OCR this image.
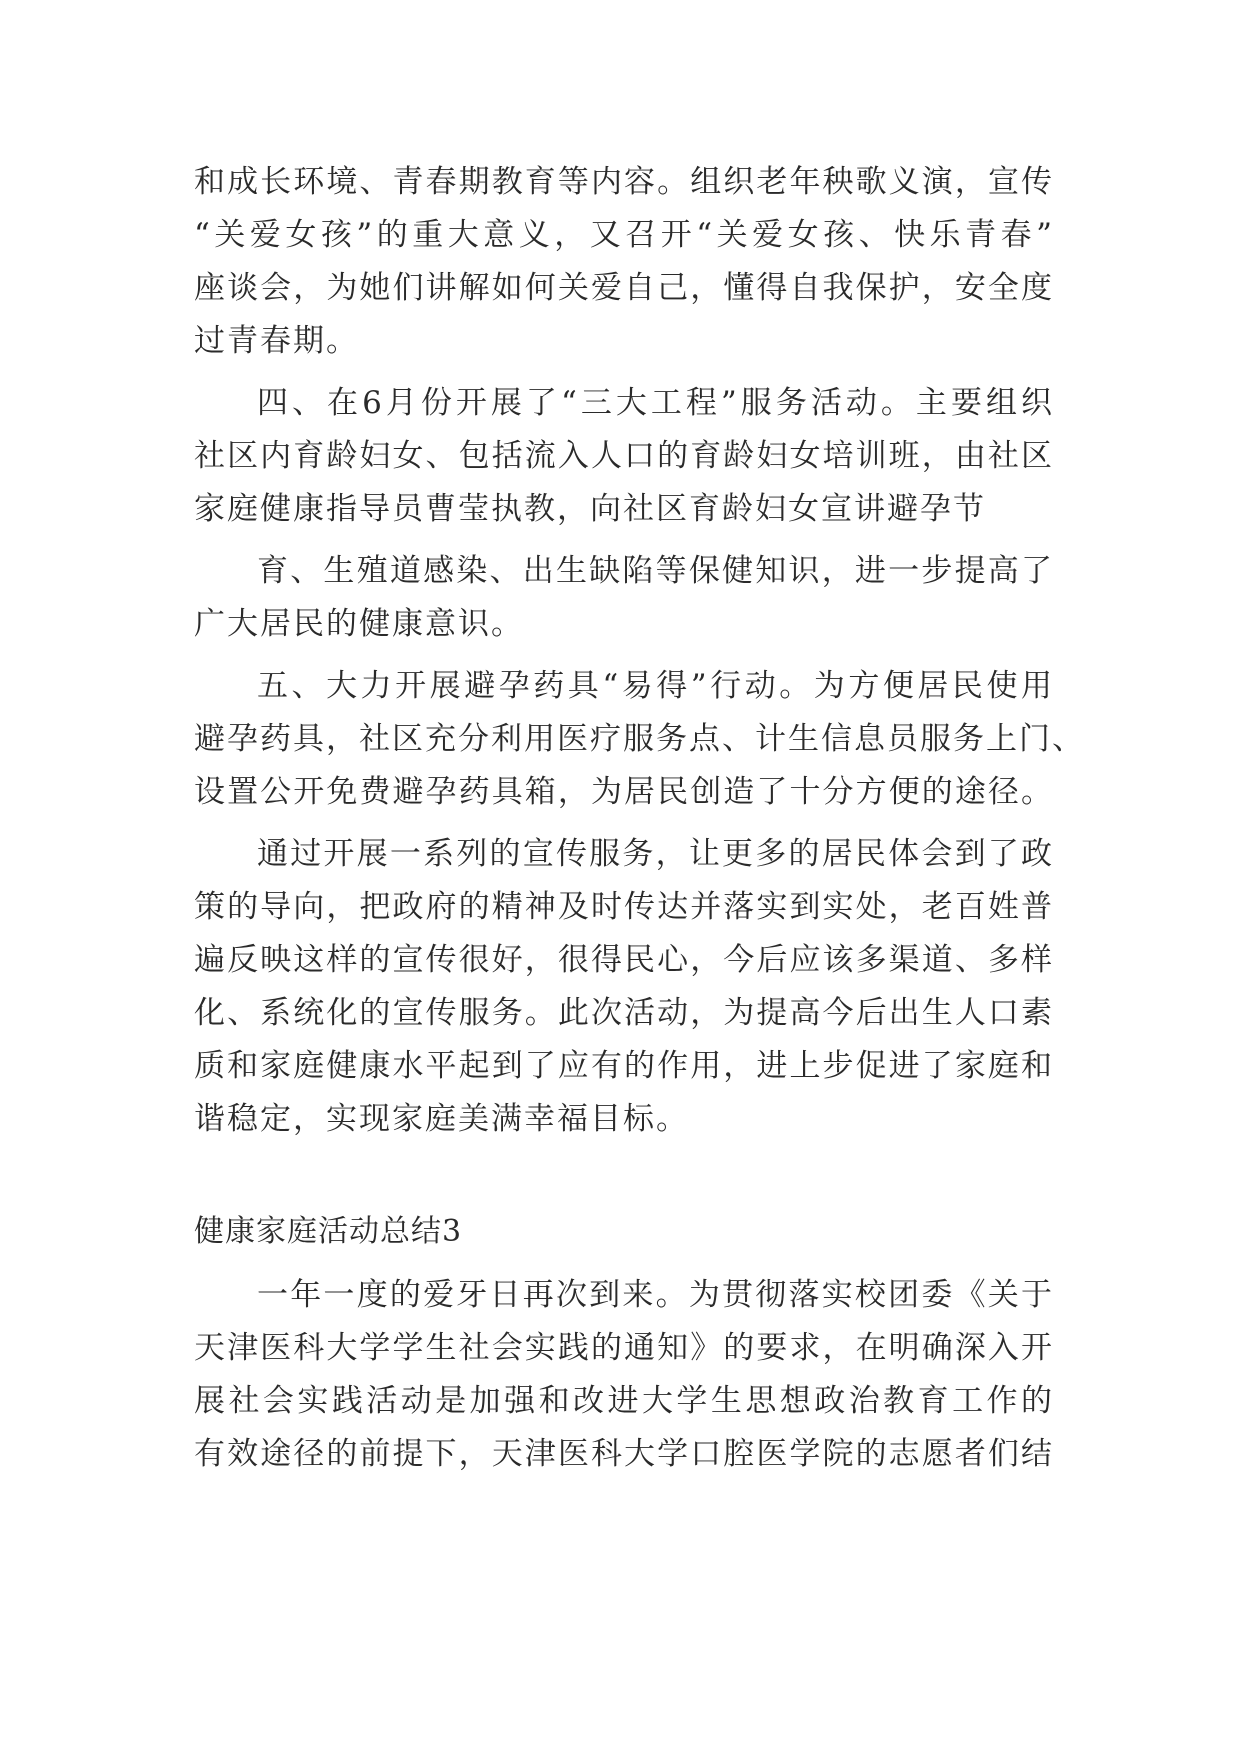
和成长环境、青春期教育等内容。组织老年秧歌义演，宣传
“关爱女孩”的重大意义，又召开“关爱女孩、快乐青春”
座谈会，为她们讲解如何关爱自己，懂得自我保护，安全度
过青春期。
四、在6月份开展了“三大工程”服务活动。主要组织
社区内育龄妇女、包括流入人口的育龄妇女培训班，由社区
家庭健康指导员曹莹执教，向社区育龄妇女宣讲避孕节
育、生殖道感染、出生缺陷等保健知识，进一步提高了
广大居民的健康意识。
五、大力开展避孕药具“易得”行动。为方便居民使用
避孕药具，社区充分利用医疗服务点、计生信息员服务上门、
设置公开免费避孕药具箱，为居民创造了十分方便的途径。
通过开展一系列的宣传服务，让更多的居民体会到了政
策的导向，把政府的精神及时传达并落实到实处，老百姓普
遍反映这样的宣传很好，很得民心，今后应该多渠道、多样
化、系统化的宣传服务。此次活动，为提高今后出生人口素
质和家庭健康水平起到了应有的作用，进上步促进了家庭和
谐稳定，实现家庭美满幸福目标。
健康家庭活动总结3
一年一度的爱牙日再次到来。为贯彻落实校团委《关于
天津医科大学学生社会实践的通知》的要求，在明确深入开
展社会实践活动是加强和改进大学生思想政治教育工作的
有效途径的前提下，天津医科大学口腔医学院的志愿者们结
